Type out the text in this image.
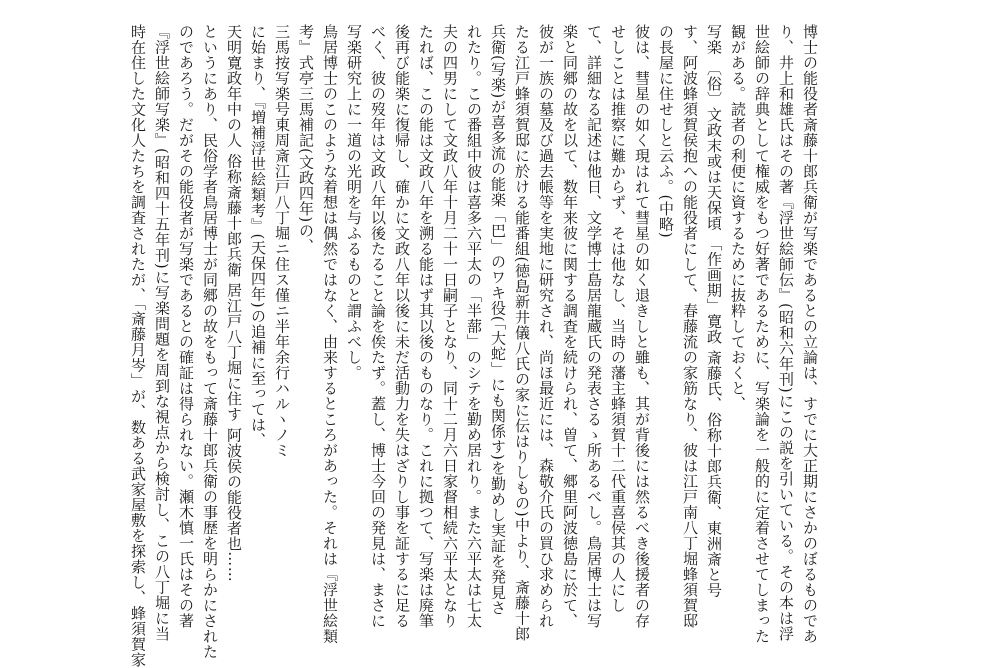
博士の能役者斎藤十郎兵衛が写楽であるとの立論は、すでに大正期にさかのぼるものであ
り、井上和雄氏はその著『浮世絵師伝』(昭和六年刊)にこの説を引いている。その本は浮
世絵師の辞典として権威をもつ好著であるために、写楽論を一般的に定着させてしまった
観がある。読者の利便に資するために抜粋しておくと、
写楽 〔俗〕文政末或は天保頃 「作画期」寛政 斎藤氏、俗称十郎兵衛、東洲斎と号
す、阿波蜂須賀侯抱への能役者にして、春藤流の家筋なり、彼は江戸南八丁堀蜂須賀邸
の長屋に住せしと云ふ。(中略)
彼は、彗星の如く現はれて彗星の如く退きしと雖も、其が背後には然るべき後援者の存
せしことは推察に難からず、そは他なし、当時の藩主蜂須賀十二代重喜侯其の人にし
て、詳細なる記述は他日、文学博士島居龍蔵氏の発表さるゝ所あるべし。鳥居博士は写
楽と同郷の故を以て、数年来彼に関する調査を続けられ、曽て、郷里阿波徳島に於て、
彼が一族の墓及び過去帳等を実地に研究され、尚ほ最近には、森敬介氏の買ひ求められ
たる江戸蜂須賀邸に於ける能番組(徳島新井儀八氏の家に伝はりしもの)中より、斎藤十郎
兵衛(写楽)が喜多流の能楽「巴」のワキ役(「大蛇」にも関係す)を勤めし実証を発見さ
れたり。この番組中彼は喜多六平太の「半蔀」のシテを勤め居れり。また六平太は七太
夫の四男にして文政八年十月二十一日嗣子となり、同十二月六日家督相続六平太となり
たれば、この能は文政八年を溯る能はず其以後のものなり。これに拠つて、写楽は廃筆
後再び能楽に復帰し、確かに文政八年以後に未だ活動力を失はざりし事を証するに足る
べく、彼の歿年は文政八年以後たること論を俟たず。蓋し、博士今回の発見は、まさに
写楽研究上に一道の光明を与ふるものと謂ふべし。
鳥居博士のこのような着想は偶然ではなく、由来するところがあった。それは『浮世絵類
考』式亭三馬補記(文政四年)の、
三馬按写楽号東周斎江戸八丁堀ニ住ス僅ニ半年余行ハルヽノミ
に始まり、『増補浮世絵類考』(天保四年)の追補に至っては、
天明寛政年中の人 俗称斎藤十郎兵衛 居江戸八丁堀に住す 阿波侯の能役者也……
というにあり、民俗学者鳥居博士が同郷の故をもって斎藤十郎兵衛の事歴を明らかにされた
のであろう。だがその能役者が写楽であるとの確証は得られない。瀬木慎一氏はその著
『浮世絵師写楽』(昭和四十五年刊)に写楽問題を周到な視点から検討し、この八丁堀に当
時在住した文化人たちを調査されたが、「斎藤月岑」が、数ある武家屋敷を探索し、蜂須賀家
